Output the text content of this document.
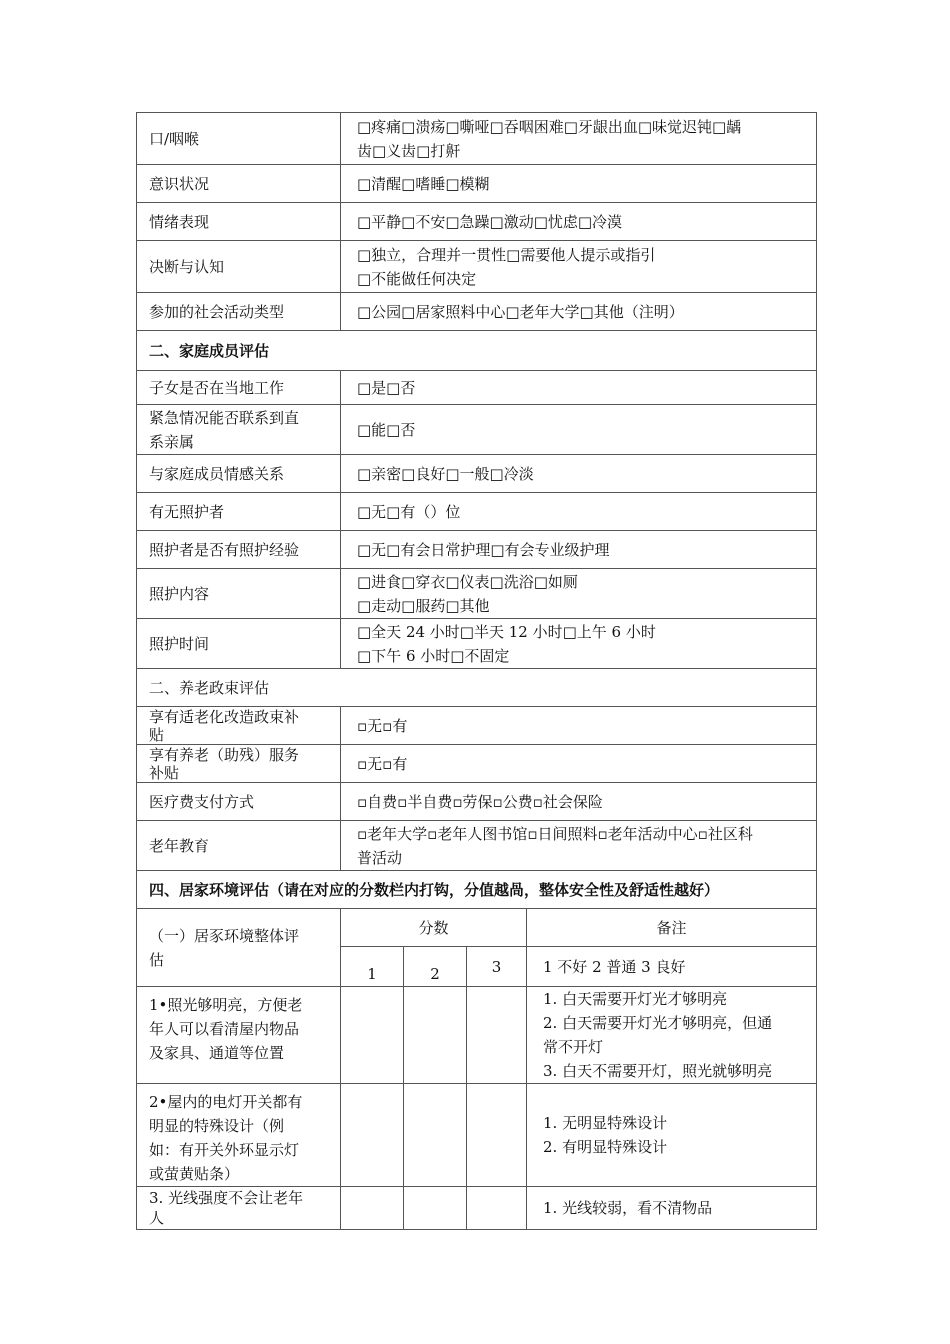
口/咽喉	□疼痛□溃疡□嘶哑□吞咽困难□牙龈出血□味觉迟钝□龋
齿□义齿□打鼾			

意识状况	□清醒□嗜睡□模糊			
情绪表现	□平静□不安□急躁□激动□忧虑□冷漠			
决断与认知	□独立，合理并一贯性□需要他人提示或指引
□不能做任何决定			

参加的社会活动类型	□公园□居家照料中心□老年大学□其他（注明）			
二、家庭成员评估				
子女是否在当地工作	□是□否			

紧急情况能否联系到直
系亲属	□能□否			
与家庭成员情感关系	□亲密□良好□一般□冷淡			
有无照护者	□无□有（）位			
照护者是否有照护经验	□无□有会日常护理□有会专业级护理			
照护内容	□进食□穿衣□仪表□洗浴□如厕
□走动□服药□其他			

照护时间	□全天 24 小时□半天 12 小时□上午 6 小时
□下午 6 小时□不固定			

二、养老政束评估				

享有适老化改造政束补
贴	▫无▫有			

享有养老（助残）服务
补贴	▫无▫有			
医疗费支付方式	▫自费▫半自费▫劳保▫公费▫社会保险			
老年教育	▫老年大学▫老年人图书馆▫日间照料▫老年活动中心▫社区科
普活动			

四、居家环境评估（请在对应的分数栏内打钩，分值越咼，整体安全性及舒适性越好）				

（一）居豕环境整体评
估	分数			备注
	1	2	3	1 不好 2 普通 3 良好

1•照光够明亮，方便老
年人可以看清屋内物品
及家具、通道等位置				1. 白天需要开灯光才够明亮
2. 白天需要开灯光才够明亮，但通
常不开灯
3. 白天不需要开灯，照光就够明亮

2•屋内的电灯开关都有
明显的特殊设计（例
如：有开关外环显示灯
或萤黄贴条）				1. 无明显特殊设计
2. 有明显特殊设计

3. 光线强度不会让老年
人				1. 光线较弱，看不清物品
